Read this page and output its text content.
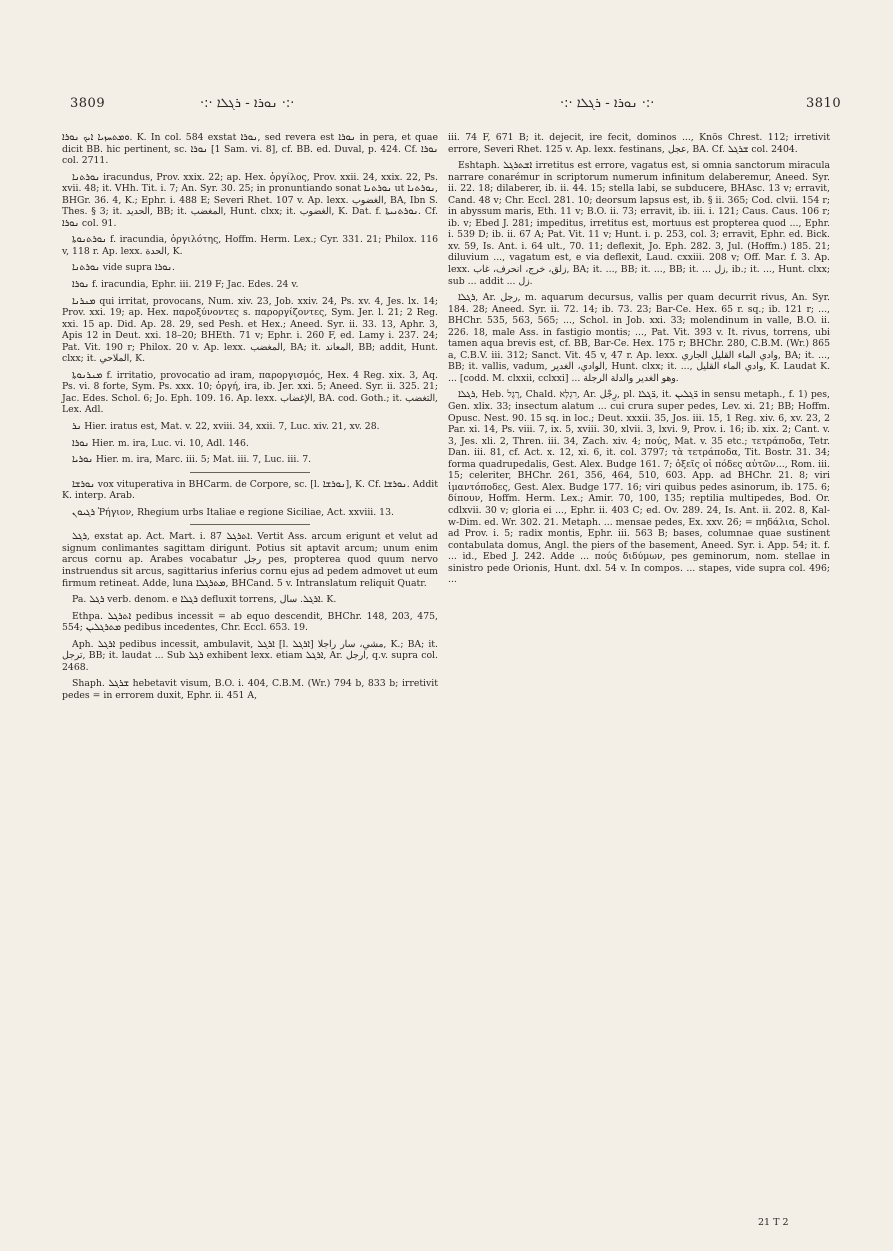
3809	·:· ܢܘܪܐ - ܪܓܠܐ ·:·	·:· ܢܘܪܐ - ܪܓܠܐ ·:·	3810

ܘܡܬܚܙܝܐ ܐܝܟ ܢܘܪܐ. K. In col. 584 exstat ܢܘܪܐ, sed revera est ܢܘܪܐ in pera, et quae dicit BB. hic pertinent, sc. ܢܘܪܐ [1 Sam. vi. 8], cf. BB. ed. Duval, p. 424. Cf. ܢܘܪܐ col. 2711.

ܢܘܪܬܢܐ iracundus, Prov. xxix. 22; ap. Hex. ὀργίλος, Prov. xxii. 24, xxix. 22, Ps. xvii. 48; it. VHh. Tit. i. 7; An. Syr. 30. 25; in pronuntiando sonat ܢܘܪܬܢܐ ut ܢܘܪܬܢܐ, BHGr. 36. 4, K.; Ephr. i. 488 E; Severi Rhet. 107 v. Ap. lexx. الغضوب, BA, Ibn S. Thes. § 3; it. الحديد, BB; it. المغضب, Hunt. clxx; it. الغضوب, K. Dat. f. ܢܘܪܬܢܝܬܐ. Cf. ܢܘܪܐ col. 91.

ܢܘܪܬܢܘܬܐ f. iracundia, ὀργιλότης, Hoffm. Herm. Lex.; Cyr. 331. 21; Philox. 116 v, 118 r. Ap. lexx. الحدة, K.

ܢܘܪܬܢܐ vide supra ܢܘܪܐ.

ܢܘܪܐ f. iracundia, Ephr. iii. 219 F; Jac. Edes. 24 v.

ܡܢܪܢܐ qui irritat, provocans, Num. xiv. 23, Job. xxiv. 24, Ps. xv. 4, Jes. lx. 14; Prov. xxi. 19; ap. Hex. παροξύνοντες s. παροργίζοντες, Sym. Jer. l. 21; 2 Reg. xxi. 15 ap. Did. Ap. 28. 29, sed Pesh. et Hex.; Aneed. Syr. ii. 33. 13, Aphr. 3, Apis 12 in Deut. xxi. 18–20; BHEth. 71 v; Ephr. i. 260 F, ed. Lamy i. 237. 24; Pat. Vit. 190 r; Philox. 20 v. Ap. lexx. المغضب, BA; it. المعاند, BB; addit, Hunt. clxx; it. الملاحي, K.

ܡܢܪܢܘܬܐ f. irritatio, provocatio ad iram, παροργισμός, Hex. 4 Reg. xix. 3, Aq. Ps. vi. 8 forte, Sym. Ps. xxx. 10; ὀργή, ira, ib. Jer. xxi. 5; Aneed. Syr. ii. 325. 21; Jac. Edes. Schol. 6; Jo. Eph. 109. 16. Ap. lexx. الإغضاب, BA. cod. Goth.; it. التغضب, Lex. Adl.

ܢܪ Hier. iratus est, Mat. v. 22, xviii. 34, xxii. 7, Luc. xiv. 21, xv. 28.

ܢܘܪܐ Hier. m. ira, Luc. vi. 10, Adl. 146.

ܢܘܪܝܐ Hier. m. ira, Marc. iii. 5; Mat. iii. 7, Luc. iii. 7.

ܢܘܪܫܐ vox vituperativa in BHCarm. de Corpore, sc. [l. ܢܘܪܫܐ], K. Cf. ܢܘܪܫܐ. Addit K. interp. Arab.

ܪܓܝܘܢ Ῥήγιον, Rhegium urbs Italiae e regione Siciliae, Act. xxviii. 13.

ܪܓܠ, exstat ap. Act. Mart. i. 87 ܐܬܪܓܠ. Vertit Ass. arcum erigunt et velut ad signum conlimantes sagittam dirigunt. Potius sit aptavit arcum; unum enim arcus cornu ap. Arabes vocabatur رجل pes, propterea quod quum nervo instruendus sit arcus, sagittarius inferius cornu ejus ad pedem admovet ut eum firmum retineat. Adde, luna ܡܬܪܓܠܐ, BHCand. 5 v. Intranslatum reliquit Quatr.

Pa. ܪܓܠ verb. denom. e ܪܓܠܐ defluxit torrens, ܐܪܓܠ. سال. K.

Ethpa. ܐܬܪܓܠ pedibus incessit = ab equo descendit, BHChr. 148, 203, 475, 554; ܡܬܪܓܠܝܢ pedibus incedentes, Chr. Eccl. 653. 19.

Aph. ܐܪܓܠ pedibus incessit, ambulavit, ܐܪܓܠ [l. ܐܪܓܠ] مشي، سار راجلا, K.; BA; it. ترجل, BB; it. laudat ... Sub ܪܓܠ exhibent lexx. etiam ܐܪܓܠ, Ar. ارجل, q.v. supra col. 2468.

Shaph. ܫܪܓܠ hebetavit visum, B.O. i. 404, C.B.M. (Wr.) 794 b, 833 b; irretivit pedes = in errorem duxit, Ephr. ii. 451 A,

iii. 74 F, 671 B; it. dejecit, ire fecit, dominos ..., Knös Chrest. 112; irretivit errore, Severi Rhet. 125 v. Ap. lexx. festinans, عجل, BA. Cf. ܫܪܓܠ col. 2404.

Eshtaph. ܐܫܬܪܓܠ irretitus est errore, vagatus est, si omnia sanctorum miracula narrare conarémur in scriptorum numerum infinitum delaberemur, Aneed. Syr. ii. 22. 18; dilaberer, ib. ii. 44. 15; stella labi, se subducere, BHAsc. 13 v; erravit, Cand. 48 v; Chr. Eccl. 281. 10; deorsum lapsus est, ib. § ii. 365; Cod. clvii. 154 r; in abyssum maris, Eth. 11 v; B.O. ii. 73; erravit, ib. iii. i. 121; Caus. Caus. 106 r; ib. v; Ebed J. 281; impeditus, irretitus est, mortuus est propterea quod ..., Ephr. i. 539 D; ib. ii. 67 A; Pat. Vit. 11 v; Hunt. i. p. 253, col. 3; erravit, Ephr. ed. Bick. xv. 59, Is. Ant. i. 64 ult., 70. 11; deflexit, Jo. Eph. 282. 3, Jul. (Hoffm.) 185. 21; diluvium ..., vagatum est, e via deflexit, Laud. cxxiii. 208 v; Off. Mar. f. 3. Ap. lexx. زلق، خرج، انحرف، غاب, BA; it. ..., BB; it. ..., BB; it. ... زل, ib.; it. ..., Hunt. clxx; sub ... addit ... زل.

ܪܓܠܐ, Ar. رجل, m. aquarum decursus, vallis per quam decurrit rivus, An. Syr. 184. 28; Aneed. Syr. ii. 72. 14; ib. 73. 23; Bar-Ce. Hex. 65 r. sq.; ib. 121 r; ..., BHChr. 535, 563, 565; ..., Schol. in Job. xxi. 33; molendinum in valle, B.O. ii. 226. 18, male Ass. in fastigio montis; ..., Pat. Vit. 393 v. It. rivus, torrens, ubi tamen aqua brevis est, cf. BB, Bar-Ce. Hex. 175 r; BHChr. 280, C.B.M. (Wr.) 865 a, C.B.V. iii. 312; Sanct. Vit. 45 v, 47 r. Ap. lexx. وادي الماء القليل الجاري, BA; it. ..., BB; it. vallis, vadum, الوادي، الغدير, Hunt. clxx; it. ..., وادي الماء القليل, K. Laudat K. ... [codd. M. clxxii, cclxxi] ... وهو الغدير والدلة الرجلة.

ܪܓܠܐ, Heb. רֶגֶל, Chald. רִגְלָא, Ar. رِجْل, pl. ܪ̈ܓܠܐ, it. ܪ̈ܓܠܝܢ in sensu metaph., f. 1) pes, Gen. xlix. 33; insectum alatum ... cui crura super pedes, Lev. xi. 21; BB; Hoffm. Opusc. Nest. 90. 15 sq. in loc.; Deut. xxxii. 35, Jos. iii. 15, 1 Reg. xiv. 6, xv. 23, 2 Par. xi. 14, Ps. viii. 7, ix. 5, xviii. 30, xlvii. 3, lxvi. 9, Prov. i. 16; ib. xix. 2; Cant. v. 3, Jes. xli. 2, Thren. iii. 34, Zach. xiv. 4; πούς, Mat. v. 35 etc.; τετράποδα, Tetr. Dan. iii. 81, cf. Act. x. 12, xi. 6, it. col. 3797; τὰ τετράποδα, Tit. Bostr. 31. 34; forma quadrupedalis, Gest. Alex. Budge 161. 7; ὀξεῖς οἱ πόδες αὐτῶν..., Rom. iii. 15; celeriter, BHChr. 261, 356, 464, 510, 603. App. ad BHChr. 21. 8; viri ἱμαντόποδες, Gest. Alex. Budge 177. 16; viri quibus pedes asinorum, ib. 175. 6; δίπουν, Hoffm. Herm. Lex.; Amir. 70, 100, 135; reptilia multipedes, Bod. Or. cdlxvii. 30 v; gloria ei ..., Ephr. ii. 403 C; ed. Ov. 289. 24, Is. Ant. ii. 202. 8, Kal-w-Dim. ed. Wr. 302. 21. Metaph. ... mensae pedes, Ex. xxv. 26; = πηδάλια, Schol. ad Prov. i. 5; radix montis, Ephr. iii. 563 B; bases, columnae quae sustinent contabulata domus, Angl. the piers of the basement, Aneed. Syr. i. App. 54; it. f. ... id., Ebed J. 242. Adde ... πούς διδύμων, pes geminorum, nom. stellae in sinistro pede Orionis, Hunt. dxl. 54 v. In compos. ... stapes, vide supra col. 496; ...

21 T 2
